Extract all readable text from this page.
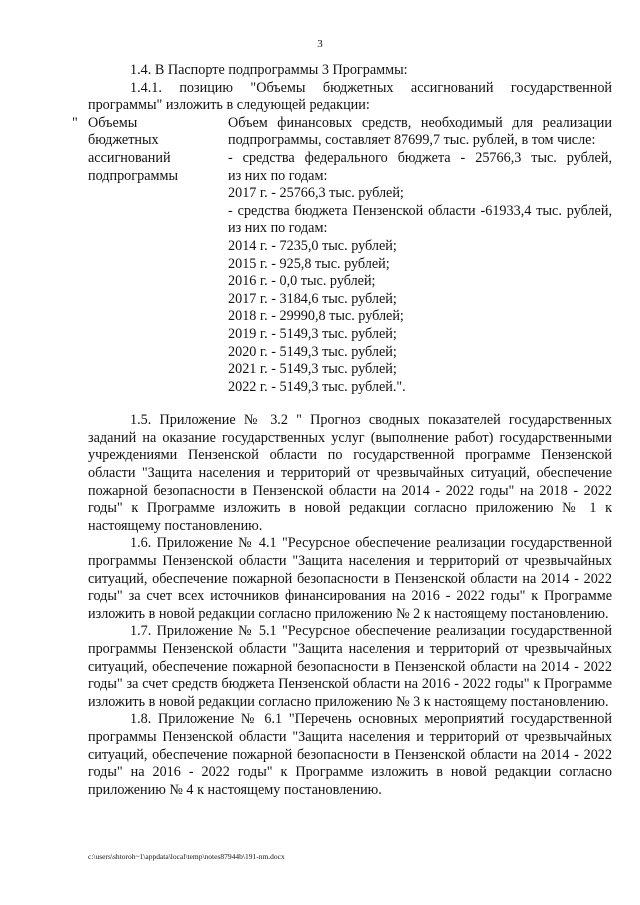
3

1.4. В Паспорте подпрограммы 3 Программы:

1.4.1. позицию "Объемы бюджетных ассигнований государственной программы" изложить в следующей редакции:

" Объемы
бюджетных
ассигнований
подпрограммы
Объем финансовых средств, необходимый для реализации
подпрограммы, составляет 87699,7 тыс. рублей, в том числе:
- средства федерального бюджета - 25766,3 тыс. рублей,
из них по годам:
2017 г. - 25766,3 тыс. рублей;
- средства бюджета Пензенской области -61933,4 тыс. рублей,
из них по годам:
2014 г. - 7235,0 тыс. рублей;
2015 г. - 925,8 тыс. рублей;
2016 г. - 0,0 тыс. рублей;
2017 г. - 3184,6 тыс. рублей;
2018 г. - 29990,8 тыс. рублей;
2019 г. - 5149,3 тыс. рублей;
2020 г. - 5149,3 тыс. рублей;
2021 г. - 5149,3 тыс. рублей;
2022 г. - 5149,3 тыс. рублей.".

1.5. Приложение № 3.2 " Прогноз сводных показателей государственных заданий на оказание государственных услуг (выполнение работ) государственными учреждениями Пензенской области по государственной программе Пензенской области "Защита населения и территорий от чрезвычайных ситуаций, обеспечение пожарной безопасности в Пензенской области на 2014 - 2022 годы" на 2018 - 2022 годы" к Программе изложить в новой редакции согласно приложению № 1 к настоящему постановлению.

1.6. Приложение № 4.1 "Ресурсное обеспечение реализации государственной программы Пензенской области "Защита населения и территорий от чрезвычайных ситуаций, обеспечение пожарной безопасности в Пензенской области на 2014 - 2022 годы" за счет всех источников финансирования на 2016 - 2022 годы" к Программе изложить в новой редакции согласно приложению № 2 к настоящему постановлению.

1.7. Приложение № 5.1 "Ресурсное обеспечение реализации государственной программы Пензенской области "Защита населения и территорий от чрезвычайных ситуаций, обеспечение пожарной безопасности в Пензенской области на 2014 - 2022 годы" за счет средств бюджета Пензенской области на 2016 - 2022 годы" к Программе изложить в новой редакции согласно приложению № 3 к настоящему постановлению.

1.8. Приложение № 6.1 "Перечень основных мероприятий государственной программы Пензенской области "Защита населения и территорий от чрезвычайных ситуаций, обеспечение пожарной безопасности в Пензенской области на 2014 - 2022 годы" на 2016 - 2022 годы" к Программе изложить в новой редакции согласно приложению № 4 к настоящему постановлению.

c:\users\shtoroh~1\appdata\local\temp\notes87944b\191-nm.docx
